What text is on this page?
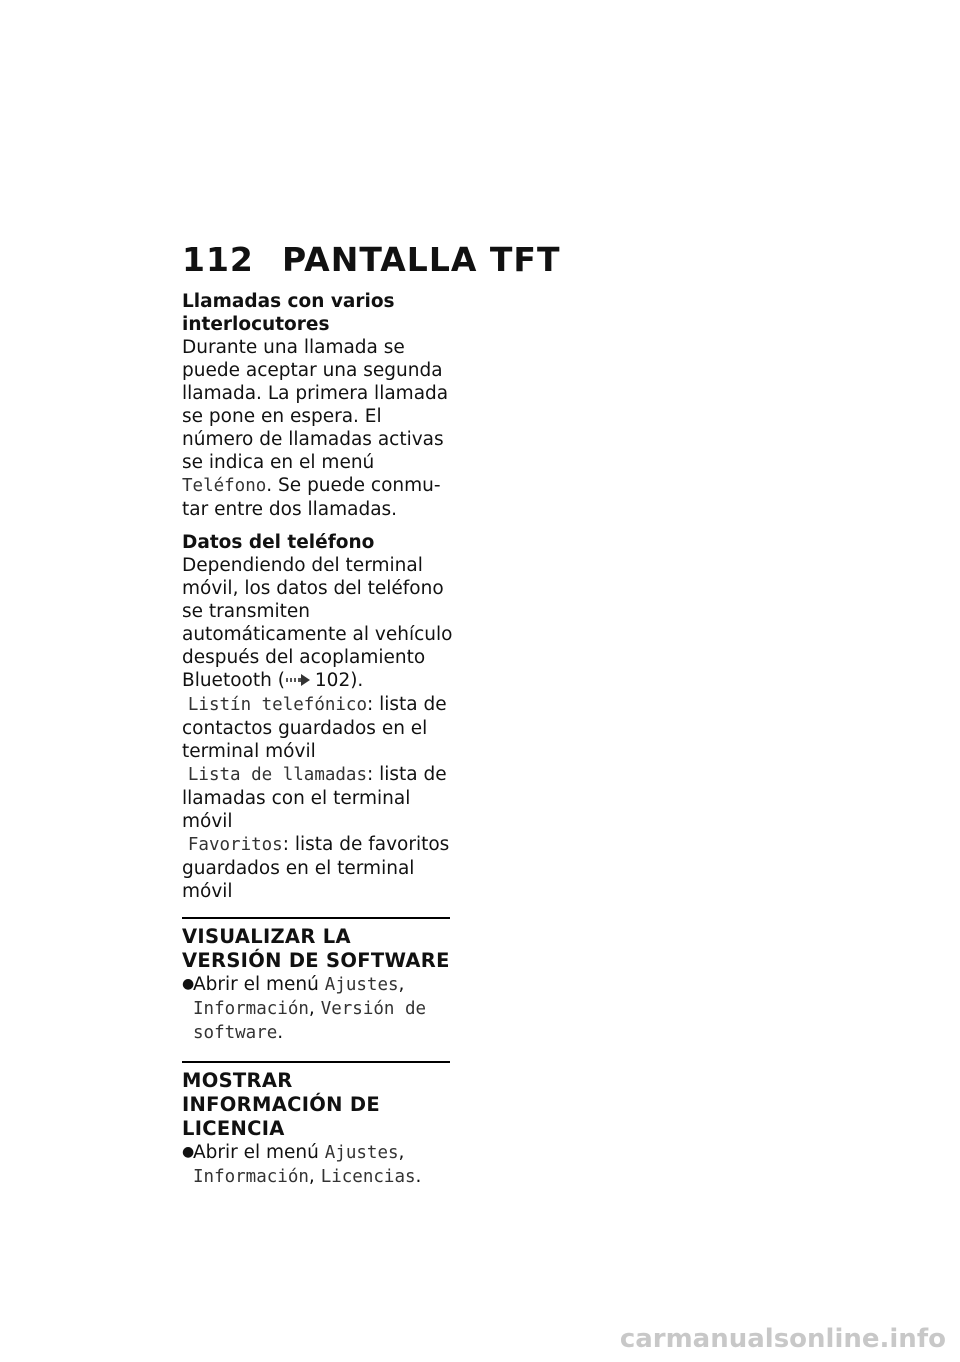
112 PANTALLA TFT

Llamadas con varios interlocutores

Durante una llamada se puede aceptar una segunda llamada. La primera llamada se pone en espera. El número de llamadas activas se indica en el menú Teléfono. Se puede conmutar entre dos llamadas.

Datos del teléfono

Dependiendo del terminal móvil, los datos del teléfono se transmiten automáticamente al vehículo después del acoplamiento Bluetooth ( 102).

Listín telefónico: lista de contactos guardados en el terminal móvil

Lista de llamadas: lista de llamadas con el terminal móvil

Favoritos: lista de favoritos guardados en el terminal móvil

VISUALIZAR LA VERSIÓN DE SOFTWARE

●
Abrir el menú Ajustes, Información, Versión de software.

MOSTRAR INFORMACIÓN DE LICENCIA

●
Abrir el menú Ajustes, Información, Licencias.
carmanualsonline.info
